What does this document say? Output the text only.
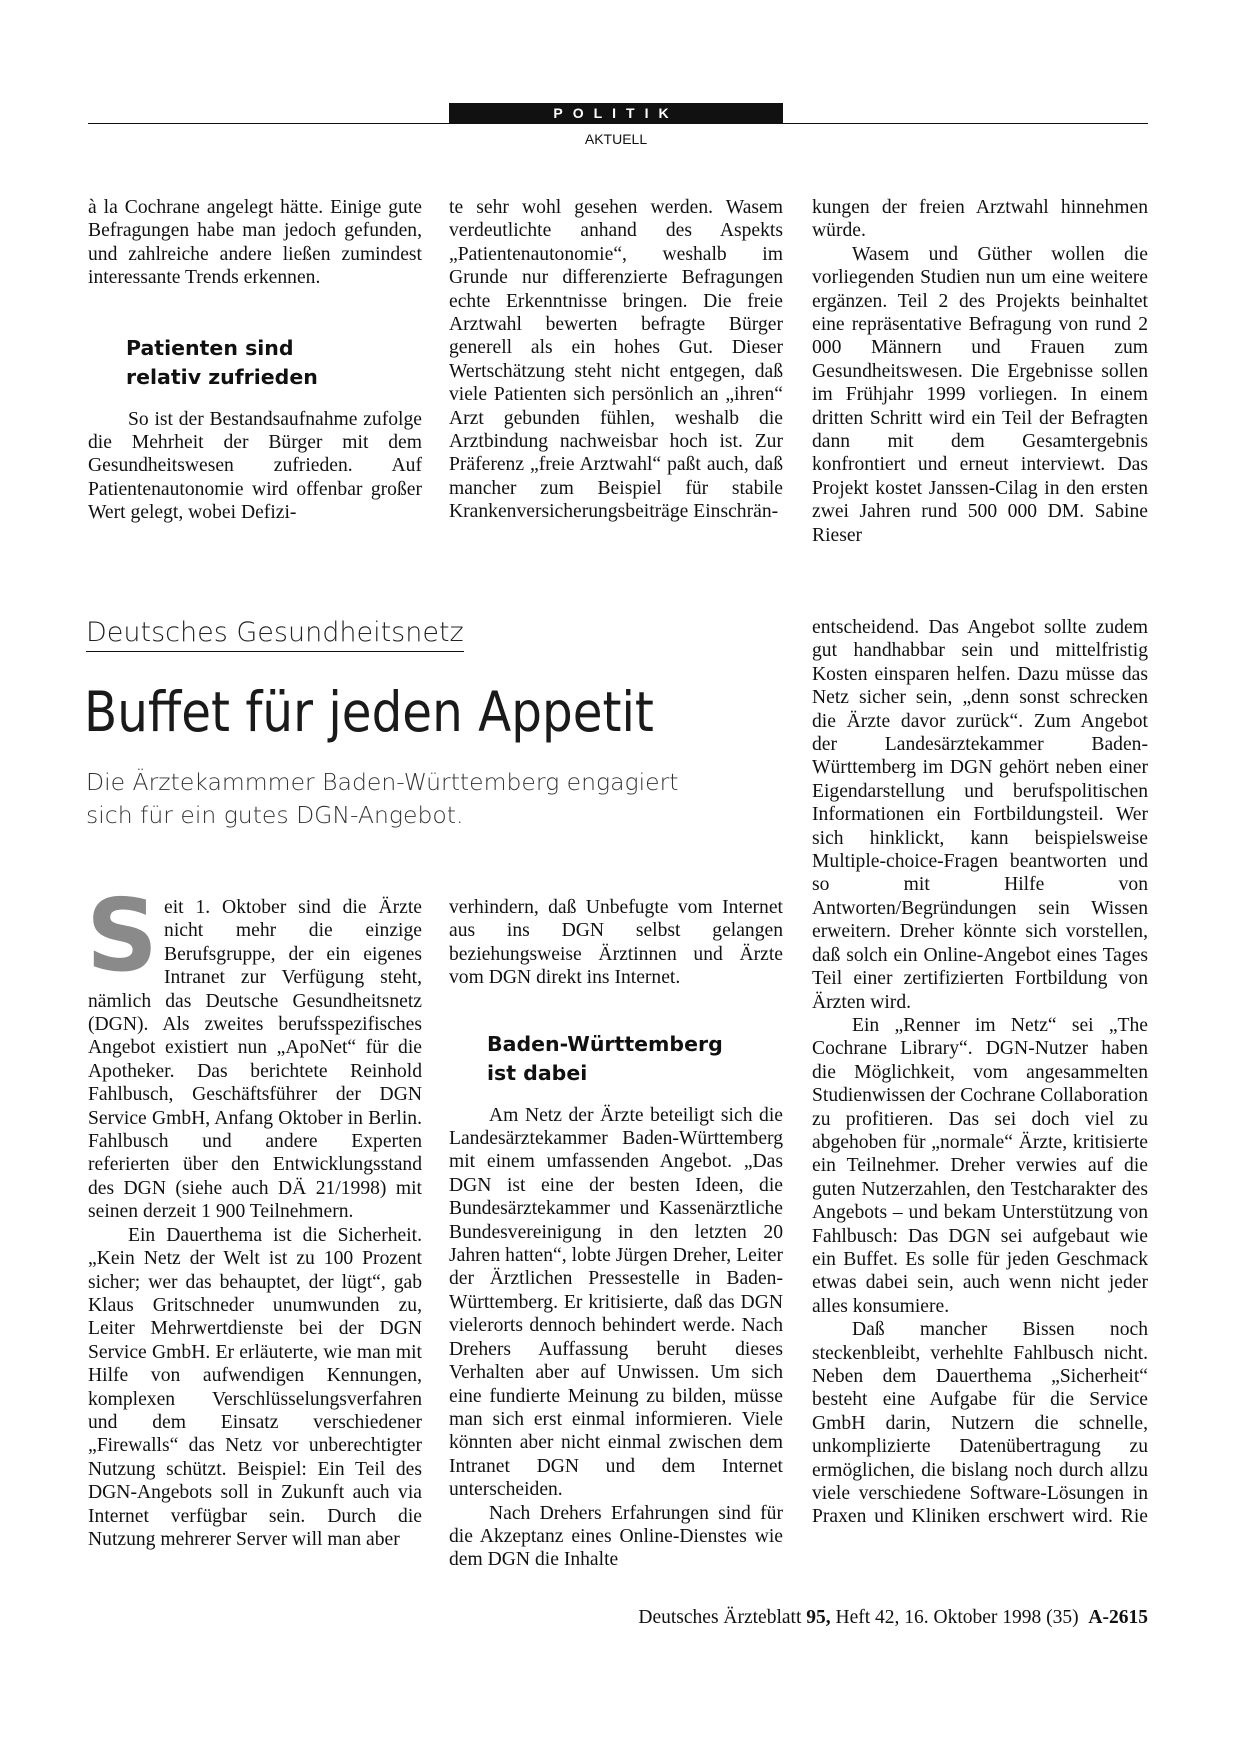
POLITIK
AKTUELL

à la Cochrane angelegt hätte. Einige gute Befragungen habe man jedoch gefunden, und zahlreiche andere ließen zumindest interessante Trends erkennen.

Patienten sind relativ zufrieden

So ist der Bestandsaufnahme zufolge die Mehrheit der Bürger mit dem Gesundheitswesen zufrieden. Auf Patientenautonomie wird offenbar großer Wert gelegt, wobei Defizi-

te sehr wohl gesehen werden. Wasem verdeutlichte anhand des Aspekts „Patientenautonomie“, weshalb im Grunde nur differenzierte Befragungen echte Erkenntnisse bringen. Die freie Arztwahl bewerten befragte Bürger generell als ein hohes Gut. Dieser Wertschätzung steht nicht entgegen, daß viele Patienten sich persönlich an „ihren“ Arzt gebunden fühlen, weshalb die Arztbindung nachweisbar hoch ist. Zur Präferenz „freie Arztwahl“ paßt auch, daß mancher zum Beispiel für stabile Krankenversicherungsbeiträge Einschrän-

kungen der freien Arztwahl hinnehmen würde.

Wasem und Güther wollen die vorliegenden Studien nun um eine weitere ergänzen. Teil 2 des Projekts beinhaltet eine repräsentative Befragung von rund 2 000 Männern und Frauen zum Gesundheitswesen. Die Ergebnisse sollen im Frühjahr 1999 vorliegen. In einem dritten Schritt wird ein Teil der Befragten dann mit dem Gesamtergebnis konfrontiert und erneut interviewt. Das Projekt kostet Janssen-Cilag in den ersten zwei Jahren rund 500 000 DM. Sabine Rieser

Deutsches Gesundheitsnetz
Buffet für jeden Appetit
Die Ärztekammmer Baden-Württemberg engagiert sich für ein gutes DGN-Angebot.

Seit 1. Oktober sind die Ärzte nicht mehr die einzige Berufsgruppe, der ein eigenes Intranet zur Verfügung steht, nämlich das Deutsche Gesundheitsnetz (DGN). Als zweites berufsspezifisches Angebot existiert nun „ApoNet“ für die Apotheker. Das berichtete Reinhold Fahlbusch, Geschäftsführer der DGN Service GmbH, Anfang Oktober in Berlin. Fahlbusch und andere Experten referierten über den Entwicklungsstand des DGN (siehe auch DÄ 21/1998) mit seinen derzeit 1 900 Teilnehmern.

Ein Dauerthema ist die Sicherheit. „Kein Netz der Welt ist zu 100 Prozent sicher; wer das behauptet, der lügt“, gab Klaus Gritschneder unumwunden zu, Leiter Mehrwertdienste bei der DGN Service GmbH. Er erläuterte, wie man mit Hilfe von aufwendigen Kennungen, komplexen Verschlüsselungsverfahren und dem Einsatz verschiedener „Firewalls“ das Netz vor unberechtigter Nutzung schützt. Beispiel: Ein Teil des DGN-Angebots soll in Zukunft auch via Internet verfügbar sein. Durch die Nutzung mehrerer Server will man aber

verhindern, daß Unbefugte vom Internet aus ins DGN selbst gelangen beziehungsweise Ärztinnen und Ärzte vom DGN direkt ins Internet.

Baden-Württemberg ist dabei

Am Netz der Ärzte beteiligt sich die Landesärztekammer Baden-Württemberg mit einem umfassenden Angebot. „Das DGN ist eine der besten Ideen, die Bundesärztekammer und Kassenärztliche Bundesvereinigung in den letzten 20 Jahren hatten“, lobte Jürgen Dreher, Leiter der Ärztlichen Pressestelle in Baden-Württemberg. Er kritisierte, daß das DGN vielerorts dennoch behindert werde. Nach Drehers Auffassung beruht dieses Verhalten aber auf Unwissen. Um sich eine fundierte Meinung zu bilden, müsse man sich erst einmal informieren. Viele könnten aber nicht einmal zwischen dem Intranet DGN und dem Internet unterscheiden.

Nach Drehers Erfahrungen sind für die Akzeptanz eines Online-Dienstes wie dem DGN die Inhalte

entscheidend. Das Angebot sollte zudem gut handhabbar sein und mittelfristig Kosten einsparen helfen. Dazu müsse das Netz sicher sein, „denn sonst schrecken die Ärzte davor zurück“. Zum Angebot der Landesärztekammer Baden-Württemberg im DGN gehört neben einer Eigendarstellung und berufspolitischen Informationen ein Fortbildungsteil. Wer sich hinklickt, kann beispielsweise Multiple-choice-Fragen beantworten und so mit Hilfe von Antworten/Begründungen sein Wissen erweitern. Dreher könnte sich vorstellen, daß solch ein Online-Angebot eines Tages Teil einer zertifizierten Fortbildung von Ärzten wird.

Ein „Renner im Netz“ sei „The Cochrane Library“. DGN-Nutzer haben die Möglichkeit, vom angesammelten Studienwissen der Cochrane Collaboration zu profitieren. Das sei doch viel zu abgehoben für „normale“ Ärzte, kritisierte ein Teilnehmer. Dreher verwies auf die guten Nutzerzahlen, den Testcharakter des Angebots – und bekam Unterstützung von Fahlbusch: Das DGN sei aufgebaut wie ein Buffet. Es solle für jeden Geschmack etwas dabei sein, auch wenn nicht jeder alles konsumiere.

Daß mancher Bissen noch steckenbleibt, verhehlte Fahlbusch nicht. Neben dem Dauerthema „Sicherheit“ besteht eine Aufgabe für die Service GmbH darin, Nutzern die schnelle, unkomplizierte Datenübertragung zu ermöglichen, die bislang noch durch allzu viele verschiedene Software-Lösungen in Praxen und Kliniken erschwert wird. Rie

Deutsches Ärzteblatt 95, Heft 42, 16. Oktober 1998 (35) A-2615
